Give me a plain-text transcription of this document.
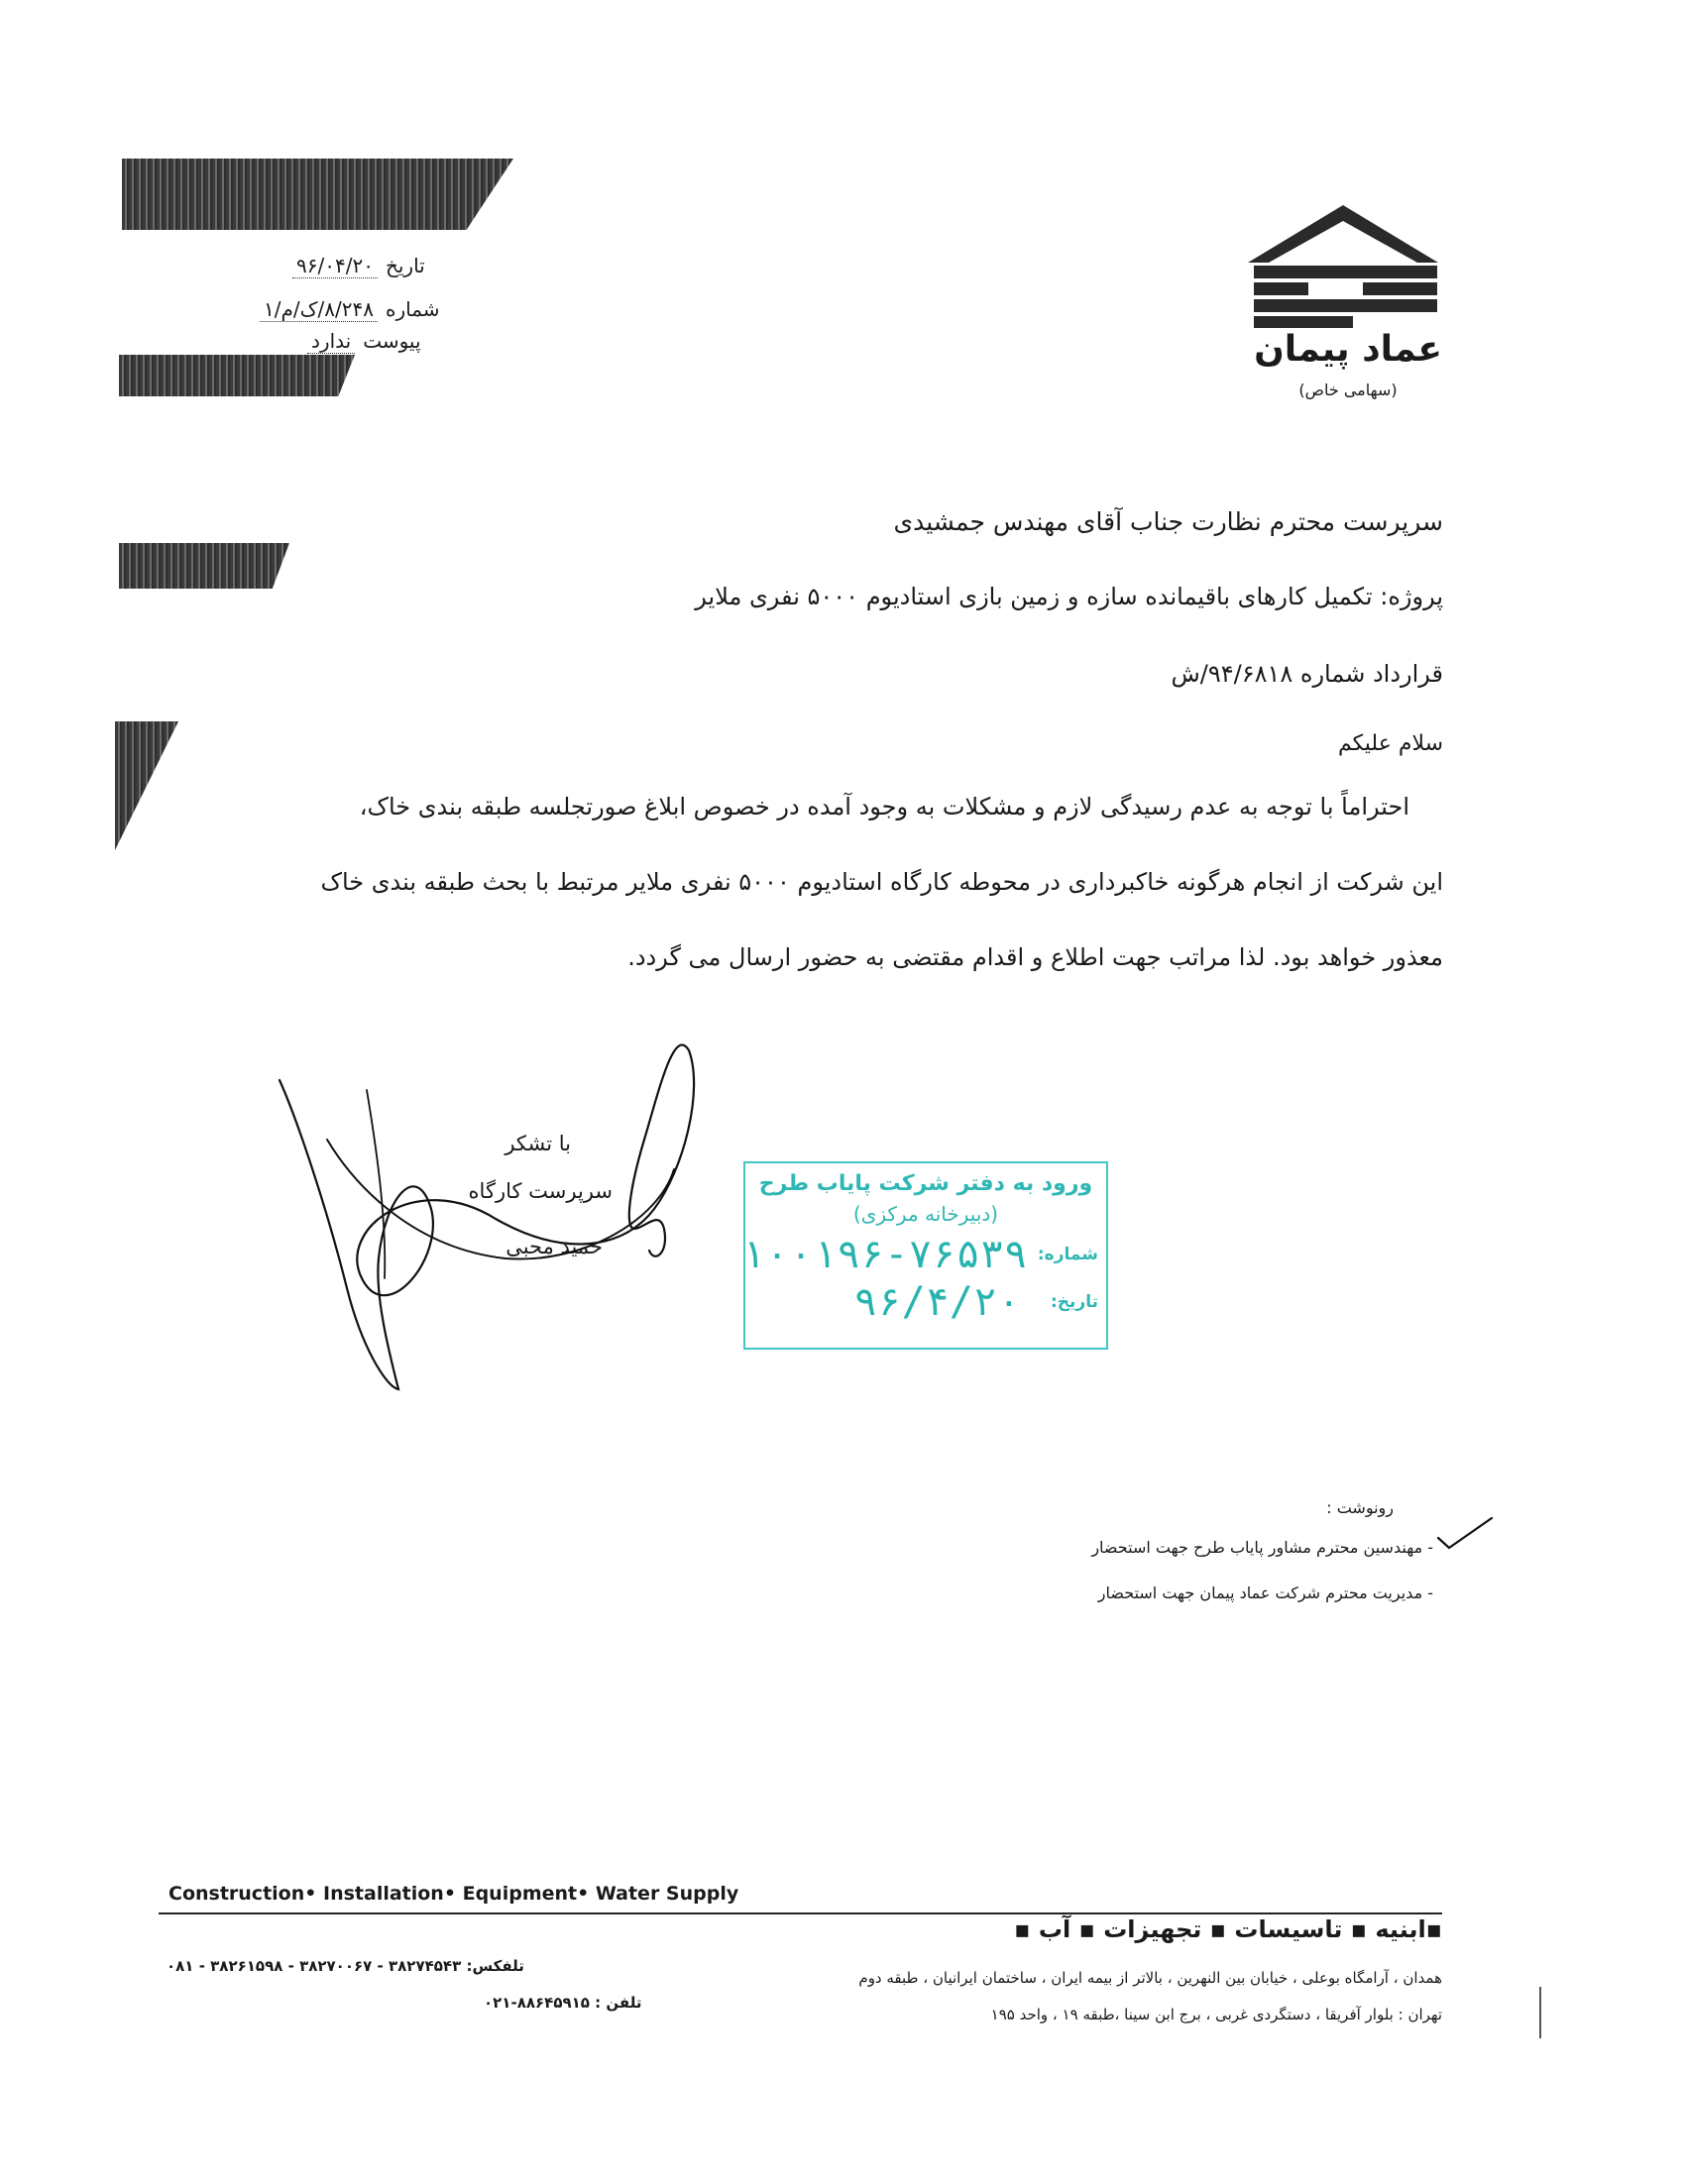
تاریخ
۹۶/۰۴/۲۰
شماره
۸/۲۴۸/ک/م/۱
پیوست
ندارد	عماد پیمان
(سهامی خاص)
سرپرست محترم نظارت جناب آقای مهندس جمشیدی
پروژه: تکمیل کارهای باقیمانده سازه و زمین بازی استادیوم ۵۰۰۰ نفری ملایر
قرارداد شماره ۹۴/۶۸۱۸/ش
سلام علیکم
احتراماً با توجه به عدم رسیدگی لازم و مشکلات به وجود آمده در خصوص ابلاغ صورتجلسه طبقه بندی خاک،
این شرکت از انجام هرگونه خاکبرداری در محوطه کارگاه استادیوم ۵۰۰۰ نفری ملایر مرتبط با بحث طبقه بندی خاک
معذور خواهد بود. لذا مراتب جهت اطلاع و اقدام مقتضی به حضور ارسال می گردد.
با تشکر
سرپرست کارگاه
حمید محبی
ورود به دفتر شرکت پایاب طرح
(دبیرخانه مرکزی)
شماره:
۱۰۰۱۹۶-۷۶۵۳۹
تاریخ:
۹۶/۴/۲۰
رونوشت :
- مهندسین محترم مشاور پایاب طرح جهت استحضار
- مدیریت محترم شرکت عماد پیمان جهت استحضار
Construction• Installation• Equipment• Water Supply
▪ابنیه ▪ تاسیسات ▪ تجهیزات ▪ آب ▪
همدان ، آرامگاه بوعلی ، خیابان بین النهرین ، بالاتر از بیمه ایران ، ساختمان ایرانیان ، طبقه دوم
تلفکس: ۳۸۲۷۴۵۴۳ - ۳۸۲۷۰۰۶۷ - ۳۸۲۶۱۵۹۸ - ۰۸۱
تهران : بلوار آفریقا ، دستگردی غربی ، برج ابن سینا ،طبقه ۱۹ ، واحد ۱۹۵
تلفن : ۸۸۶۴۵۹۱۵-۰۲۱
